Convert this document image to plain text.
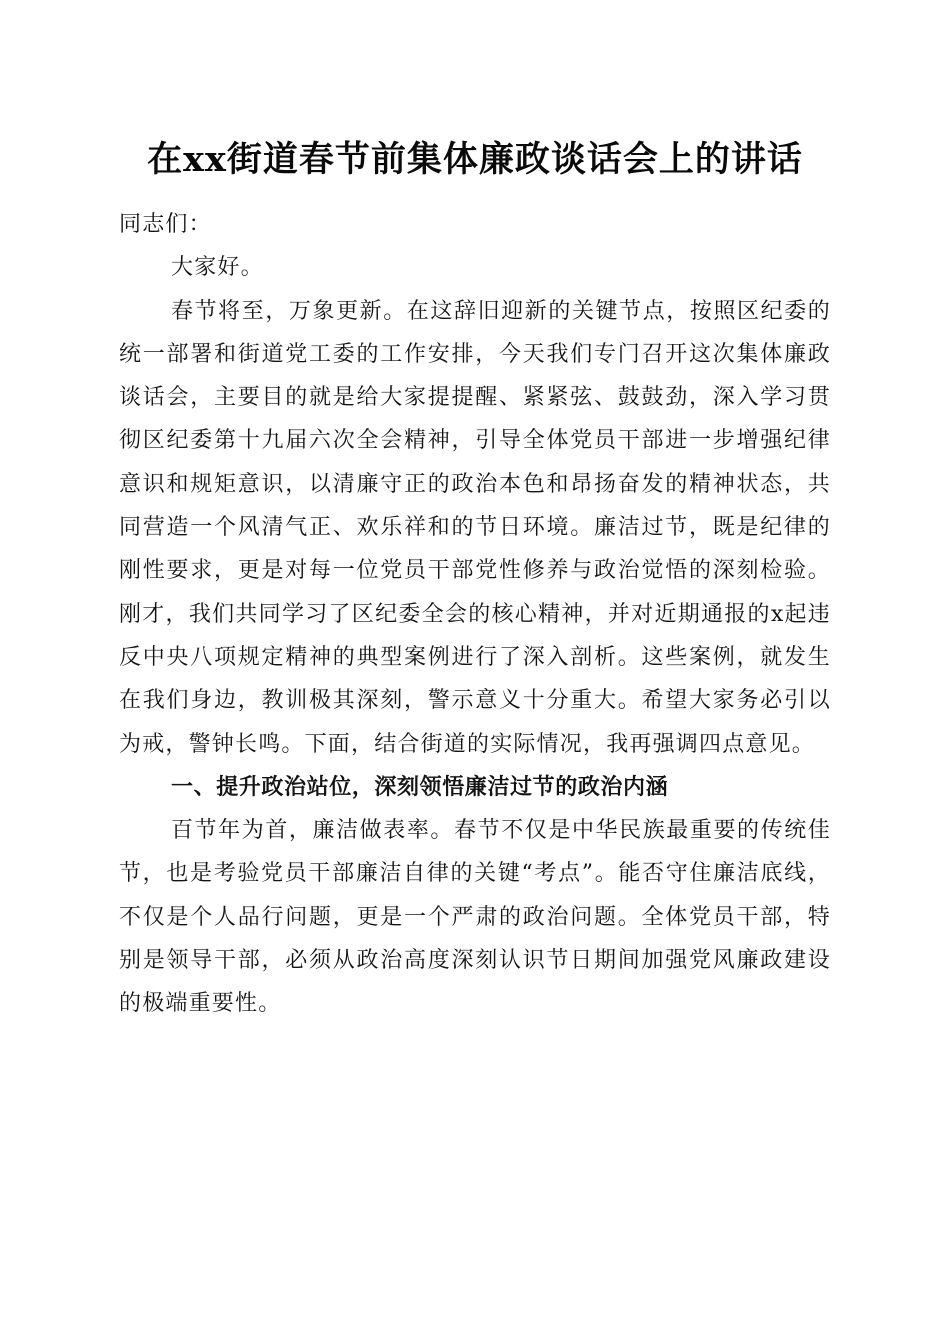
在xx街道春节前集体廉政谈话会上的讲话

同志们：

大家好。

春节将至，万象更新。在这辞旧迎新的关键节点，按照区纪委的统一部署和街道党工委的工作安排，今天我们专门召开这次集体廉政谈话会，主要目的就是给大家提提醒、紧紧弦、鼓鼓劲，深入学习贯彻区纪委第十九届六次全会精神，引导全体党员干部进一步增强纪律意识和规矩意识，以清廉守正的政治本色和昂扬奋发的精神状态，共同营造一个风清气正、欢乐祥和的节日环境。廉洁过节，既是纪律的刚性要求，更是对每一位党员干部党性修养与政治觉悟的深刻检验。刚才，我们共同学习了区纪委全会的核心精神，并对近期通报的x起违反中央八项规定精神的典型案例进行了深入剖析。这些案例，就发生在我们身边，教训极其深刻，警示意义十分重大。希望大家务必引以为戒，警钟长鸣。下面，结合街道的实际情况，我再强调四点意见。

一、提升政治站位，深刻领悟廉洁过节的政治内涵

百节年为首，廉洁做表率。春节不仅是中华民族最重要的传统佳节，也是考验党员干部廉洁自律的关键“考点”。能否守住廉洁底线，不仅是个人品行问题，更是一个严肃的政治问题。全体党员干部，特别是领导干部，必须从政治高度深刻认识节日期间加强党风廉政建设的极端重要性。
